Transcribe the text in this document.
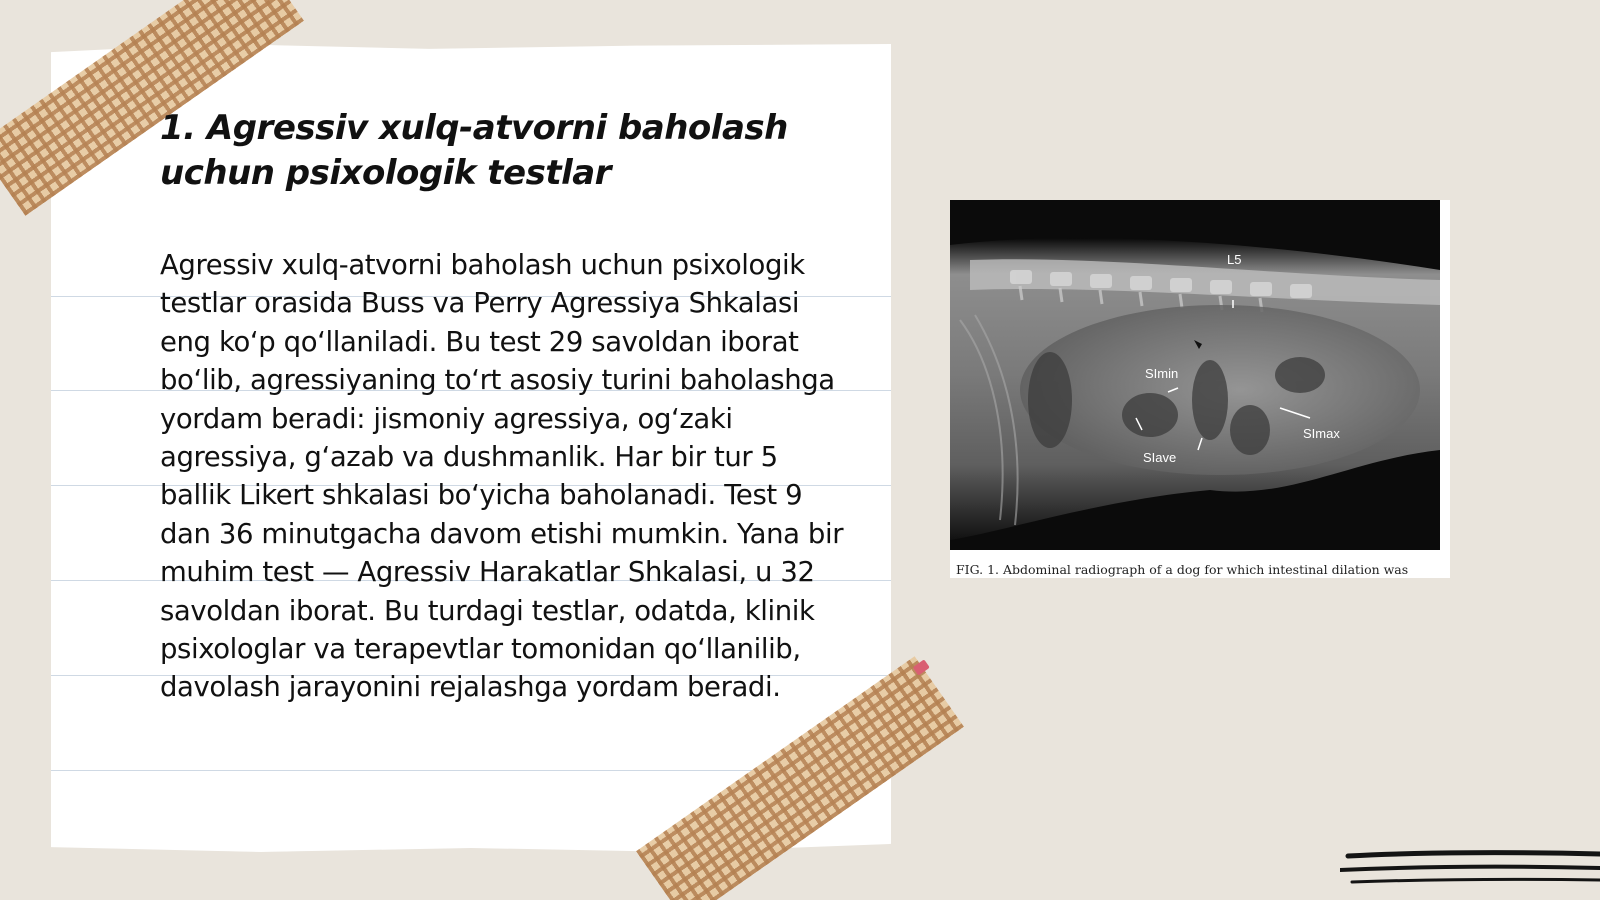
1. Agressiv xulq-atvorni baholash uchun psixologik testlar

Agressiv xulq-atvorni baholash uchun psixologik testlar orasida Buss va Perry Agressiya Shkalasi eng ko‘p qo‘llaniladi. Bu test 29 savoldan iborat bo‘lib, agressiyaning to‘rt asosiy turini baholashga yordam beradi: jismoniy agressiya, og‘zaki agressiya, g‘azab va dushmanlik. Har bir tur 5 ballik Likert shkalasi bo‘yicha baholanadi. Test 9 dan 36 minutgacha davom etishi mumkin. Yana bir muhim test — Agressiv Harakatlar Shkalasi, u 32 savoldan iborat. Bu turdagi testlar, odatda, klinik psixologlar va terapevtlar tomonidan qo‘llanilib, davolash jarayonini rejalashga yordam beradi.

L5
SImin
SIave
SImax
FIG. 1. Abdominal radiograph of a dog for which intestinal dilation was
